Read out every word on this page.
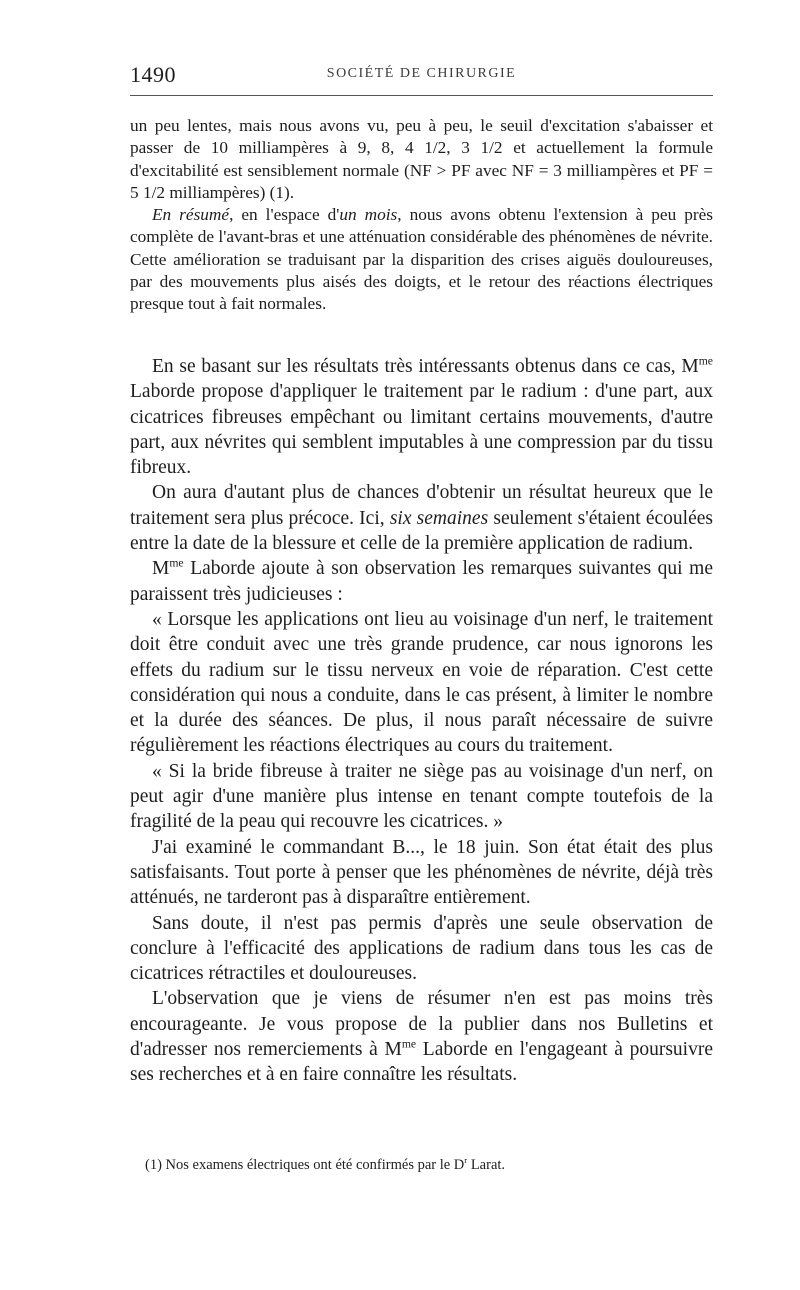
1490	SOCIÉTÉ DE CHIRURGIE

un peu lentes, mais nous avons vu, peu à peu, le seuil d'excitation s'abaisser et passer de 10 milliampères à 9, 8, 4 1/2, 3 1/2 et actuellement la formule d'excitabilité est sensiblement normale (NF > PF avec NF = 3 milliampères et PF = 5 1/2 milliampères) (1).

En résumé, en l'espace d'un mois, nous avons obtenu l'extension à peu près complète de l'avant-bras et une atténuation considérable des phénomènes de névrite. Cette amélioration se traduisant par la disparition des crises aiguës douloureuses, par des mouvements plus aisés des doigts, et le retour des réactions électriques presque tout à fait normales.

En se basant sur les résultats très intéressants obtenus dans ce cas, $M^{me}$ Laborde propose d'appliquer le traitement par le radium : d'une part, aux cicatrices fibreuses empêchant ou limitant certains mouvements, d'autre part, aux névrites qui semblent imputables à une compression par du tissu fibreux.

On aura d'autant plus de chances d'obtenir un résultat heureux que le traitement sera plus précoce. Ici, six semaines seulement s'étaient écoulées entre la date de la blessure et celle de la première application de radium.

$M^{me}$ Laborde ajoute à son observation les remarques suivantes qui me paraissent très judicieuses :

« Lorsque les applications ont lieu au voisinage d'un nerf, le traitement doit être conduit avec une très grande prudence, car nous ignorons les effets du radium sur le tissu nerveux en voie de réparation. C'est cette considération qui nous a conduite, dans le cas présent, à limiter le nombre et la durée des séances. De plus, il nous paraît nécessaire de suivre régulièrement les réactions électriques au cours du traitement.

« Si la bride fibreuse à traiter ne siège pas au voisinage d'un nerf, on peut agir d'une manière plus intense en tenant compte toutefois de la fragilité de la peau qui recouvre les cicatrices. »

J'ai examiné le commandant B..., le 18 juin. Son état était des plus satisfaisants. Tout porte à penser que les phénomènes de névrite, déjà très atténués, ne tarderont pas à disparaître entièrement.

Sans doute, il n'est pas permis d'après une seule observation de conclure à l'efficacité des applications de radium dans tous les cas de cicatrices rétractiles et douloureuses.

L'observation que je viens de résumer n'en est pas moins très encourageante. Je vous propose de la publier dans nos Bulletins et d'adresser nos remerciements à $M^{me}$ Laborde en l'engageant à poursuivre ses recherches et à en faire connaître les résultats.

(1) Nos examens électriques ont été confirmés par le $D^r$ Larat.
